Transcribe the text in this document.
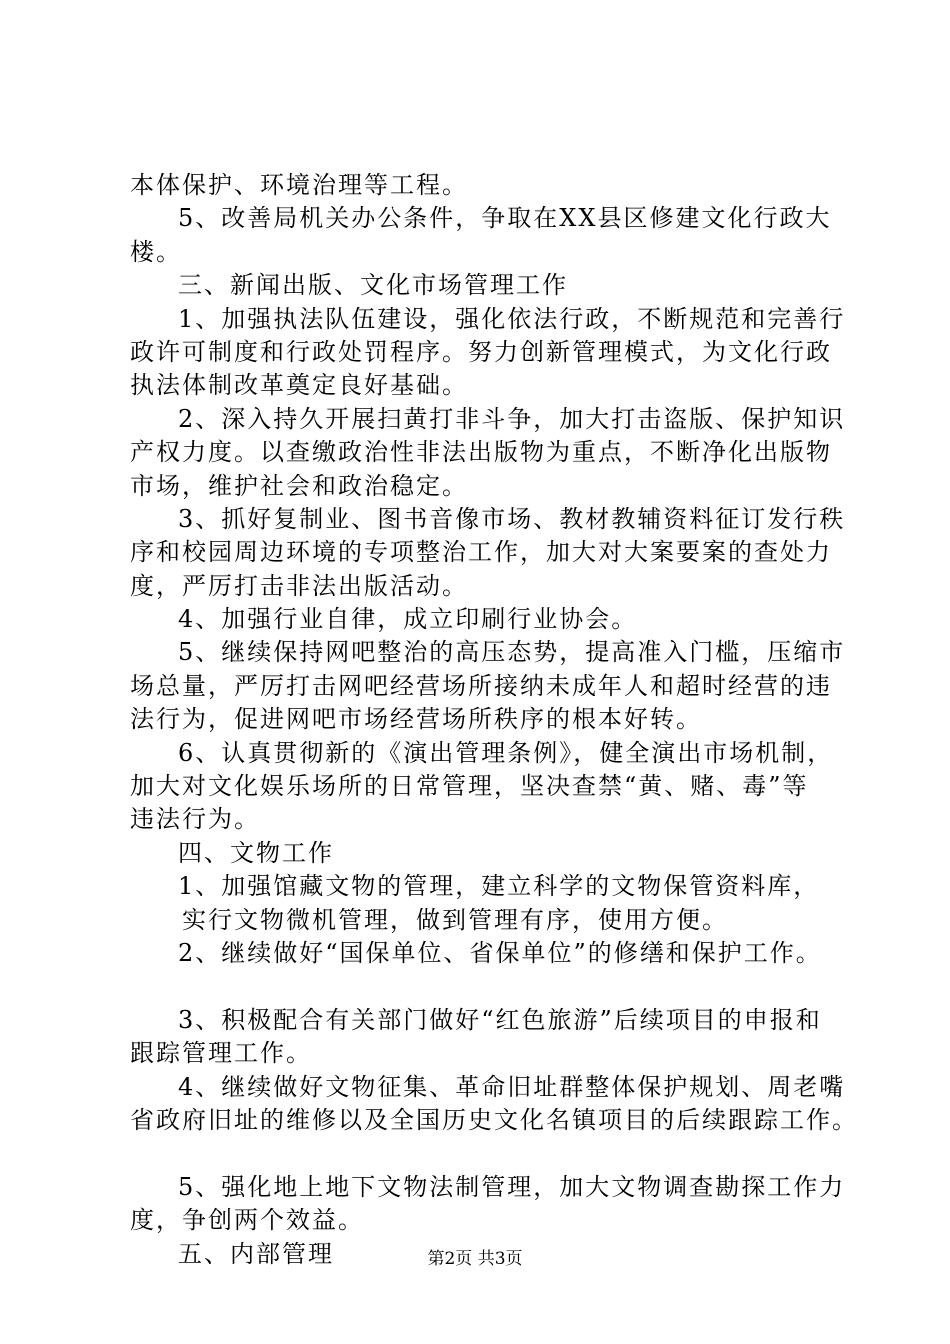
本体保护、环境治理等工程。
5、改善局机关办公条件，争取在XX县区修建文化行政大
楼。
三、新闻出版、文化市场管理工作
1、加强执法队伍建设，强化依法行政，不断规范和完善行
政许可制度和行政处罚程序。努力创新管理模式，为文化行政
执法体制改革奠定良好基础。
2、深入持久开展扫黄打非斗争，加大打击盗版、保护知识
产权力度。以查缴政治性非法出版物为重点，不断净化出版物
市场，维护社会和政治稳定。
3、抓好复制业、图书音像市场、教材教辅资料征订发行秩
序和校园周边环境的专项整治工作，加大对大案要案的查处力
度，严厉打击非法出版活动。
4、加强行业自律，成立印刷行业协会。
5、继续保持网吧整治的高压态势，提高准入门槛，压缩市
场总量，严厉打击网吧经营场所接纳未成年人和超时经营的违
法行为，促进网吧市场经营场所秩序的根本好转。
6、认真贯彻新的《演出管理条例》，健全演出市场机制，
加大对文化娱乐场所的日常管理，坚决查禁“黄、赌、毒”等
违法行为。
四、文物工作
1、加强馆藏文物的管理，建立科学的文物保管资料库，
实行文物微机管理，做到管理有序，使用方便。
2、继续做好“国保单位、省保单位”的修缮和保护工作。
3、积极配合有关部门做好“红色旅游”后续项目的申报和
跟踪管理工作。
4、继续做好文物征集、革命旧址群整体保护规划、周老嘴
省政府旧址的维修以及全国历史文化名镇项目的后续跟踪工作。
5、强化地上地下文物法制管理，加大文物调查勘探工作力
度，争创两个效益。
五、内部管理	第2页 共3页
